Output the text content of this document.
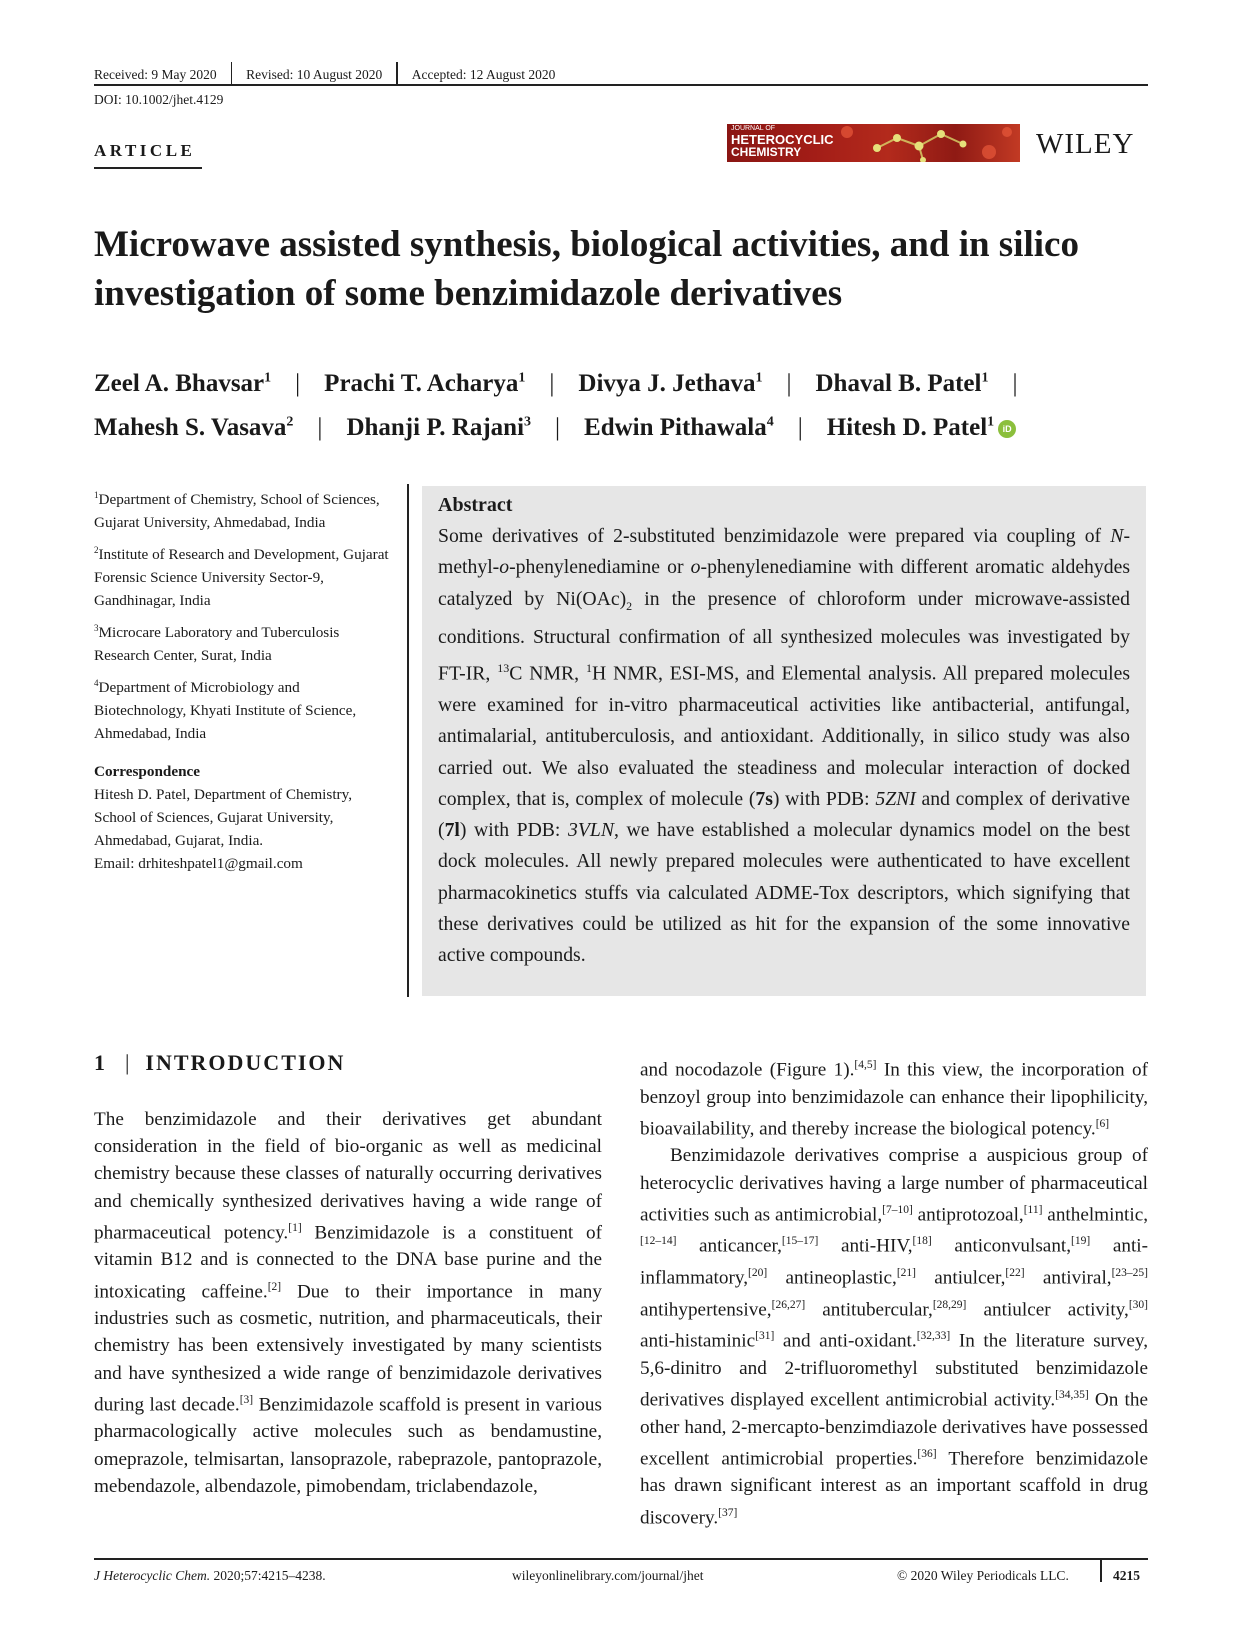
Received: 9 May 2020 Revised: 10 August 2020 Accepted: 12 August 2020
DOI: 10.1002/jhet.4129
ARTICLE
JOURNAL OF
HETEROCYCLIC
CHEMISTRY	WILEY
Microwave assisted synthesis, biological activities, and in silico investigation of some benzimidazole derivatives
Zeel A. Bhavsar$^1$ | Prachi T. Acharya$^1$ | Divya J. Jethava$^1$ | Dhaval B. Patel$^1$ |
Mahesh S. Vasava$^2$ | Dhanji P. Rajani$^3$ | Edwin Pithawala$^4$ | Hitesh D. Patel$^1$ iD

$^1$Department of Chemistry, School of Sciences, Gujarat University, Ahmedabad, India

$^2$Institute of Research and Development, Gujarat Forensic Science University Sector-9, Gandhinagar, India

$^3$Microcare Laboratory and Tuberculosis Research Center, Surat, India

$^4$Department of Microbiology and Biotechnology, Khyati Institute of Science, Ahmedabad, India

Correspondence

Hitesh D. Patel, Department of Chemistry, School of Sciences, Gujarat University, Ahmedabad, Gujarat, India.

Email: drhiteshpatel1@gmail.com

Abstract

Some derivatives of 2-substituted benzimidazole were prepared via coupling of N-methyl-o-phenylenediamine or o-phenylenediamine with different aromatic aldehydes catalyzed by $Ni(OAc)_2$ in the presence of chloroform under microwave-assisted conditions. Structural confirmation of all synthesized molecules was investigated by FT-IR, $^{13}$C NMR, $^1$H NMR, ESI-MS, and Elemental analysis. All prepared molecules were examined for in-vitro pharmaceutical activities like antibacterial, antifungal, antimalarial, antituberculosis, and antioxidant. Additionally, in silico study was also carried out. We also evaluated the steadiness and molecular interaction of docked complex, that is, complex of molecule (7s) with PDB: 5ZNI and complex of derivative (7l) with PDB: 3VLN, we have established a molecular dynamics model on the best dock molecules. All newly prepared molecules were authenticated to have excellent pharmacokinetics stuffs via calculated ADME-Tox descriptors, which signifying that these derivatives could be utilized as hit for the expansion of the some innovative active compounds.

1 | INTRODUCTION

The benzimidazole and their derivatives get abundant consideration in the field of bio-organic as well as medicinal chemistry because these classes of naturally occurring derivatives and chemically synthesized derivatives having a wide range of pharmaceutical potency.[1] Benzimidazole is a constituent of vitamin B12 and is connected to the DNA base purine and the intoxicating caffeine.[2] Due to their importance in many industries such as cosmetic, nutrition, and pharmaceuticals, their chemistry has been extensively investigated by many scientists and have synthesized a wide range of benzimidazole derivatives during last decade.[3] Benzimidazole scaffold is present in various pharmacologically active molecules such as bendamustine, omeprazole, telmisartan, lansoprazole, rabeprazole, pantoprazole, mebendazole, albendazole, pimobendam, triclabendazole,

and nocodazole (Figure 1).[4,5] In this view, the incorporation of benzoyl group into benzimidazole can enhance their lipophilicity, bioavailability, and thereby increase the biological potency.[6]

Benzimidazole derivatives comprise a auspicious group of heterocyclic derivatives having a large number of pharmaceutical activities such as antimicrobial,[7–10] antiprotozoal,[11] anthelmintic,[12–14] anticancer,[15–17] anti-HIV,[18] anticonvulsant,[19] anti-inflammatory,[20] antineoplastic,[21] antiulcer,[22] antiviral,[23–25] antihypertensive,[26,27] antitubercular,[28,29] antiulcer activity,[30] anti-histaminic[31] and anti-oxidant.[32,33] In the literature survey, 5,6-dinitro and 2-trifluoromethyl substituted benzimidazole derivatives displayed excellent antimicrobial activity.[34,35] On the other hand, 2-mercapto-benzimdiazole derivatives have possessed excellent antimicrobial properties.[36] Therefore benzimidazole has drawn significant interest as an important scaffold in drug discovery.[37]

J Heterocyclic Chem. 2020;57:4215–4238.	wileyonlinelibrary.com/journal/jhet	© 2020 Wiley Periodicals LLC.	4215
